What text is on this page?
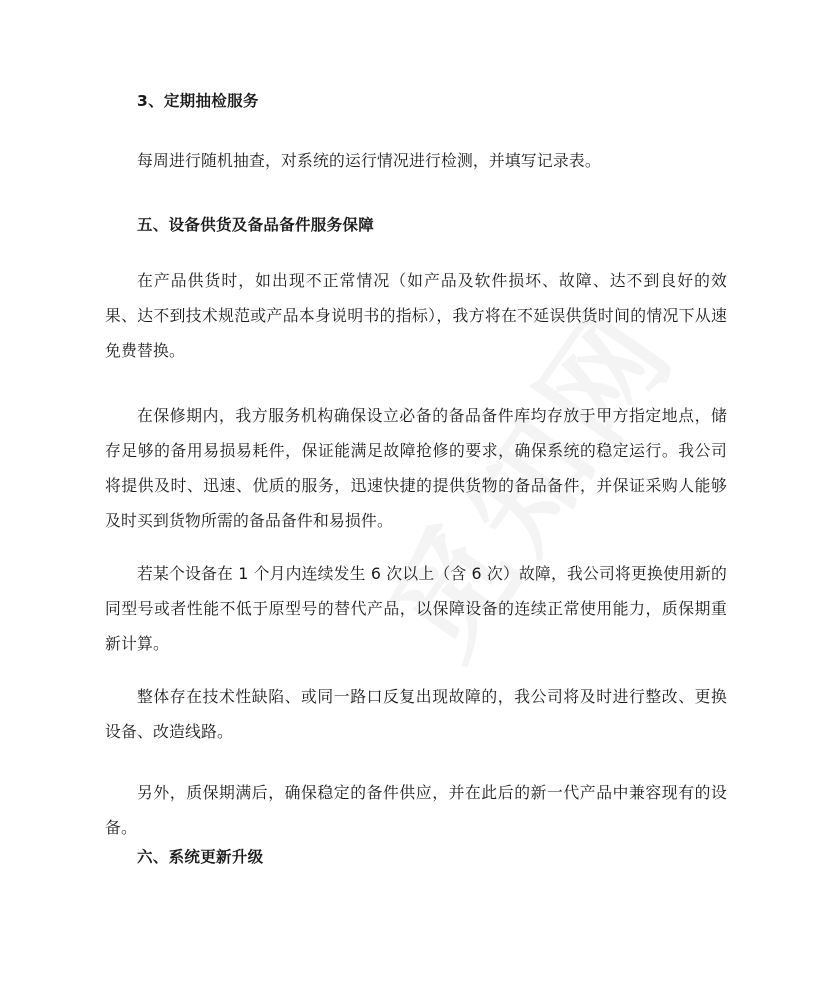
3、定期抽检服务
每周进行随机抽查，对系统的运行情况进行检测，并填写记录表。
五、设备供货及备品备件服务保障
在产品供货时，如出现不正常情况（如产品及软件损坏、故障、达不到良好的效果、达不到技术规范或产品本身说明书的指标），我方将在不延误供货时间的情况下从速免费替换。
在保修期内，我方服务机构确保设立必备的备品备件库均存放于甲方指定地点，储存足够的备用易损易耗件，保证能满足故障抢修的要求，确保系统的稳定运行。我公司将提供及时、迅速、优质的服务，迅速快捷的提供货物的备品备件，并保证采购人能够及时买到货物所需的备品备件和易损件。
若某个设备在 1 个月内连续发生 6 次以上（含 6 次）故障，我公司将更换使用新的同型号或者性能不低于原型号的替代产品，以保障设备的连续正常使用能力，质保期重新计算。
整体存在技术性缺陷、或同一路口反复出现故障的，我公司将及时进行整改、更换设备、改造线路。
另外，质保期满后，确保稳定的备件供应，并在此后的新一代产品中兼容现有的设备。
六、系统更新升级
